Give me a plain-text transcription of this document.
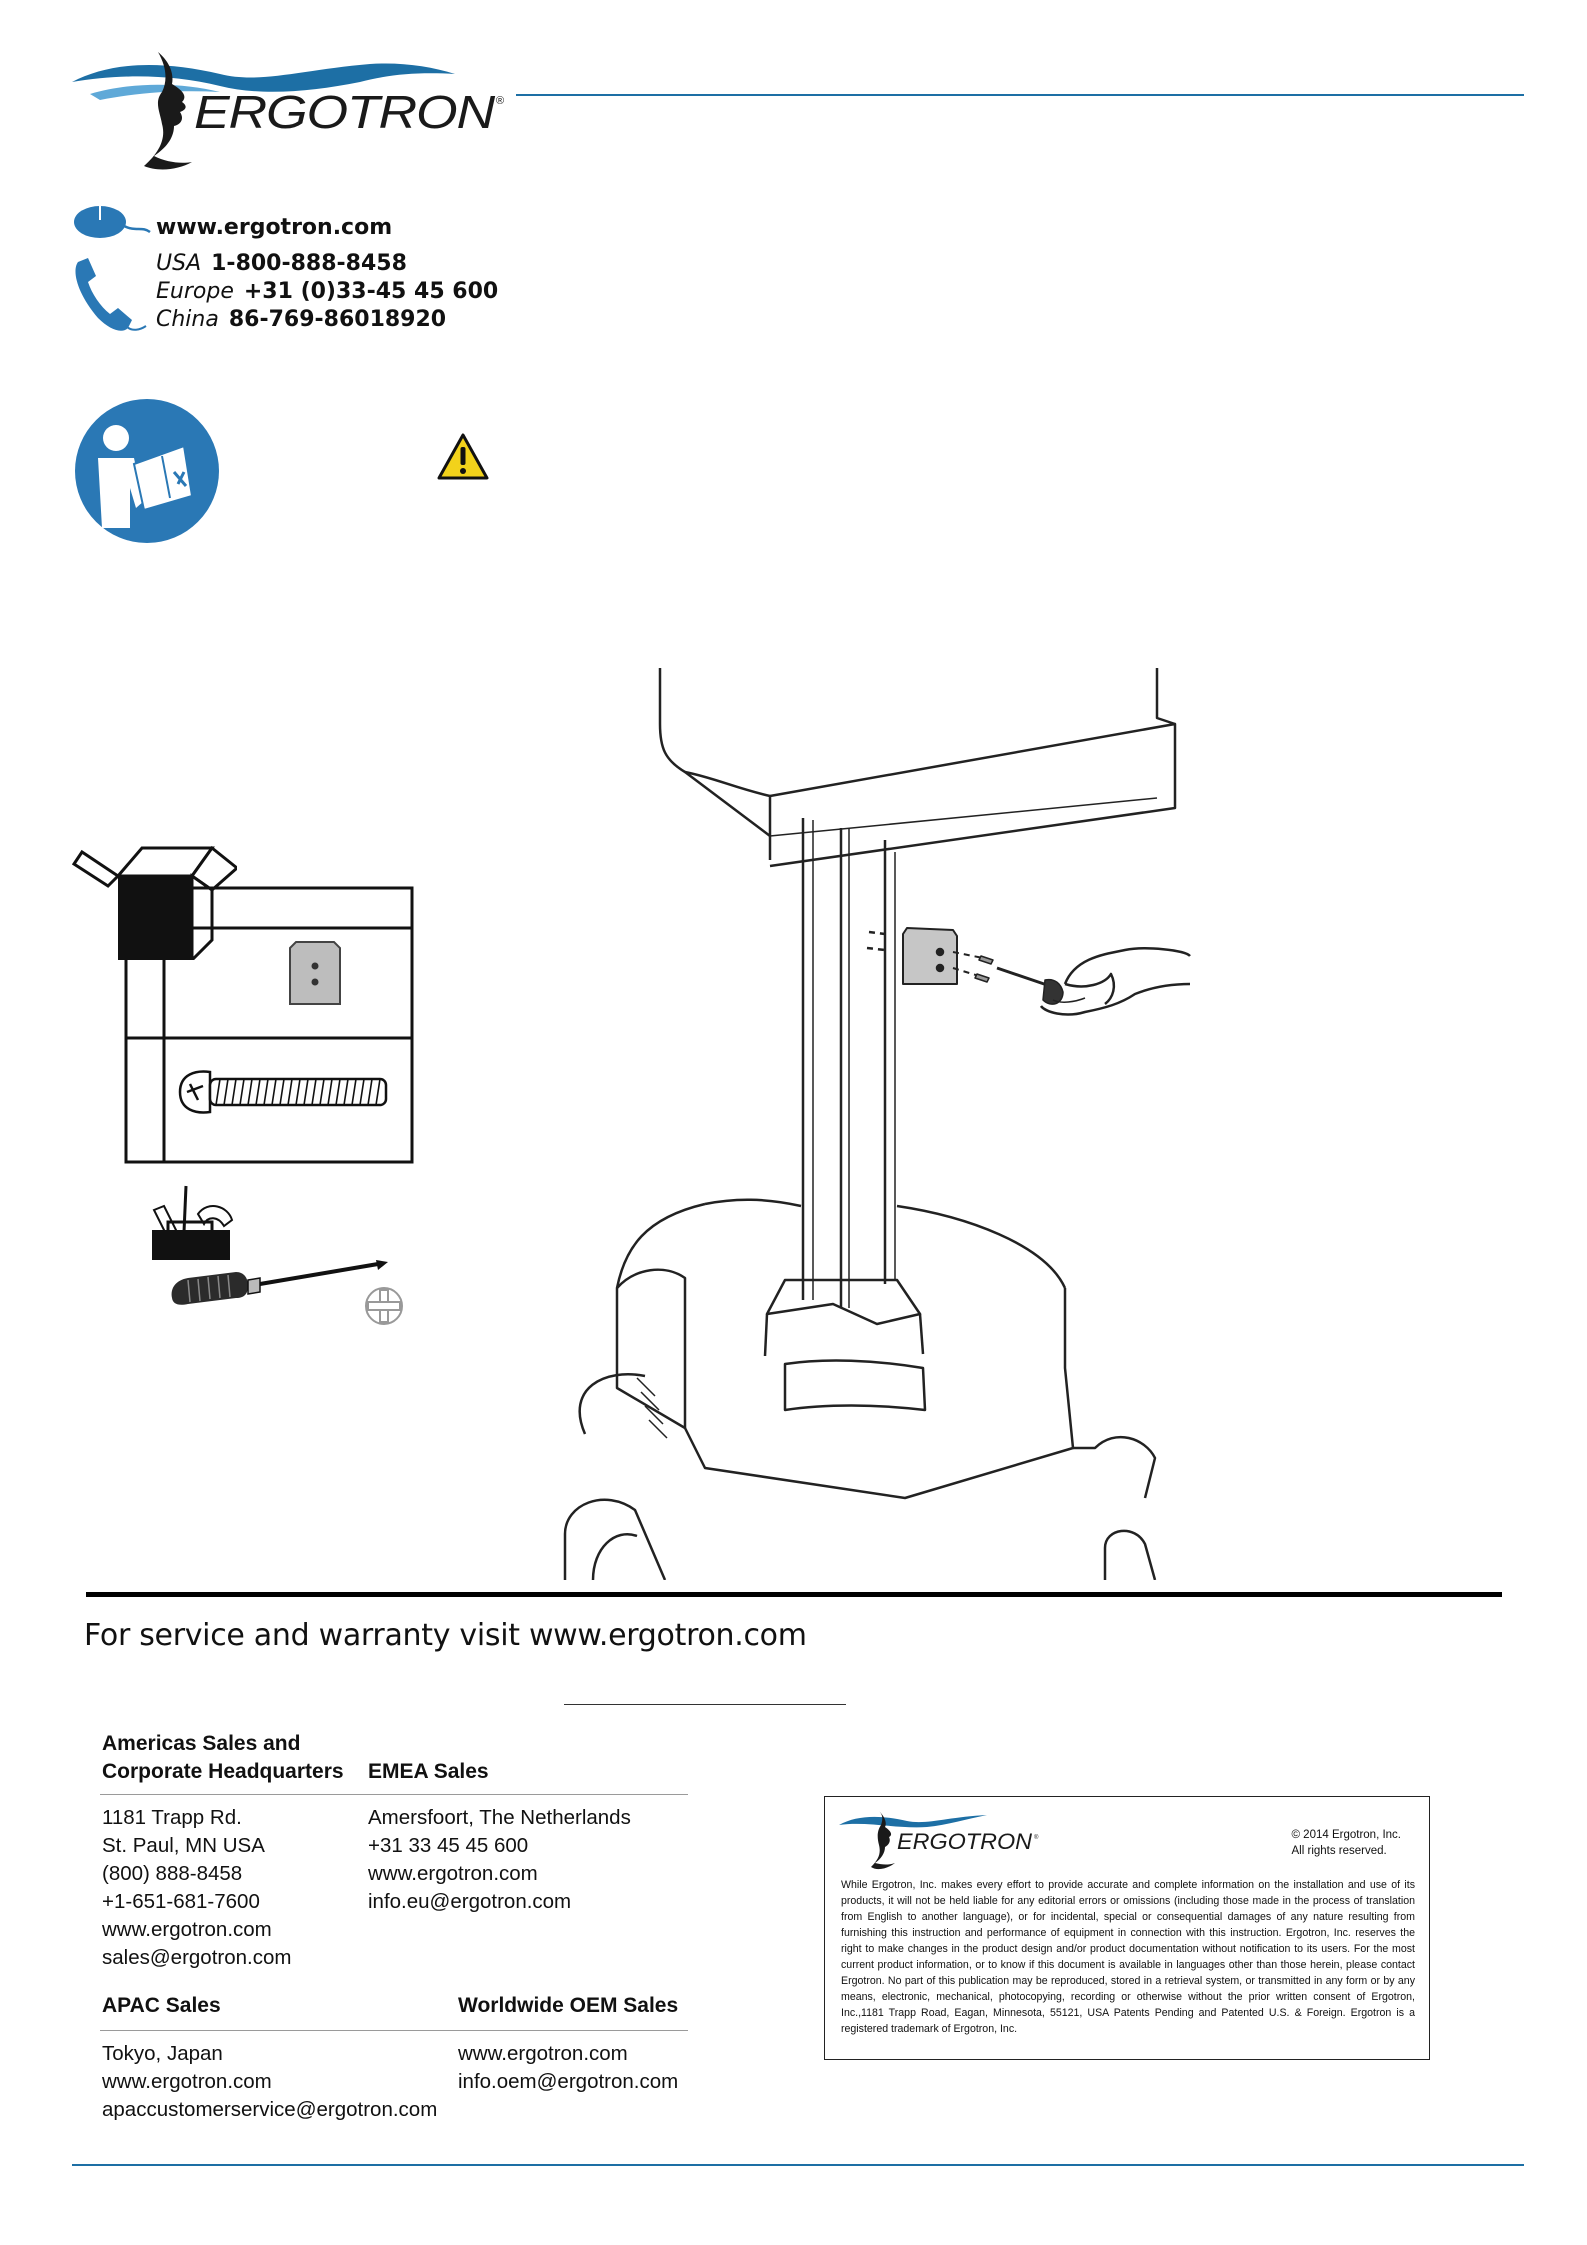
ERGOTRON ®
www.ergotron.com
USA 1-800-888-8458
Europe +31 (0)33-45 45 600
China 86-769-86018920
For service and warranty visit www.ergotron.com
Americas Sales and
Corporate Headquarters
1181 Trapp Rd.
St. Paul, MN USA
(800) 888-8458
+1-651-681-7600
www.ergotron.com
sales@ergotron.com
EMEA Sales
Amersfoort, The Netherlands
+31 33 45 45 600
www.ergotron.com
info.eu@ergotron.com
APAC Sales
Tokyo, Japan
www.ergotron.com
apaccustomerservice@ergotron.com
Worldwide OEM Sales
www.ergotron.com
info.oem@ergotron.com
ERGOTRON ®	© 2014 Ergotron, Inc.
All rights reserved.
While Ergotron, Inc. makes every effort to provide accurate and complete information on the installation and use of its products, it will not be held liable for any editorial errors or omissions (including those made in the process of translation from English to another language), or for incidental, special or consequential damages of any nature resulting from furnishing this instruction and performance of equipment in connection with this instruction. Ergotron, Inc. reserves the right to make changes in the product design and/or product documentation without notification to its users. For the most current product information, or to know if this document is available in languages other than those herein, please contact Ergotron. No part of this publication may be reproduced, stored in a retrieval system, or transmitted in any form or by any means, electronic, mechanical, photocopying, recording or otherwise without the prior written consent of Ergotron, Inc.,1181 Trapp Road, Eagan, Minnesota, 55121, USA Patents Pending and Patented U.S. & Foreign. Ergotron is a registered trademark of Ergotron, Inc.
